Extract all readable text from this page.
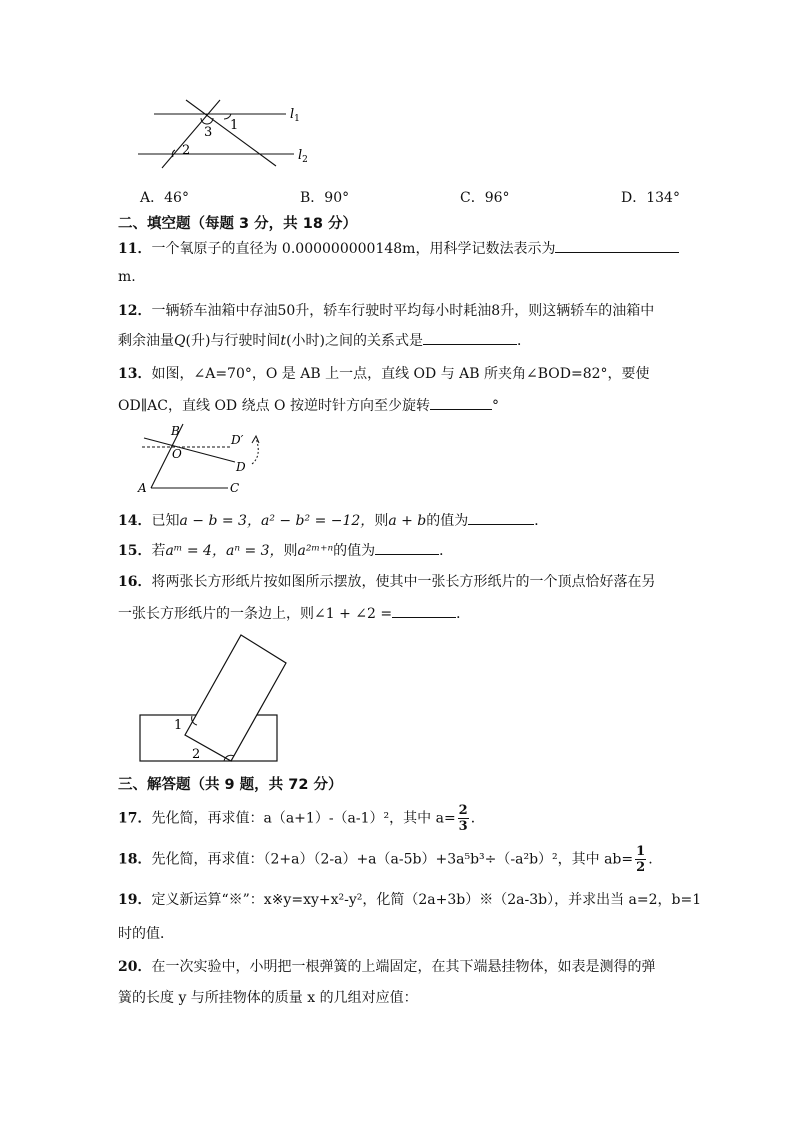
3 1
2
$l_1$
$l_2$
A．46°	B．90°	C．96°	D．134°
二、填空题（每题 3 分，共 18 分）
11．一个氧原子的直径为 0.000000000148m，用科学记数法表示为
m.
12．一辆轿车油箱中存油50升，轿车行驶时平均每小时耗油8升，则这辆轿车的油箱中
剩余油量Q(升)与行驶时间t(小时)之间的关系式是	．
13．如图，∠A=70°，O 是 AB 上一点，直线 OD 与 AB 所夹角∠BOD=82°，要使
OD∥AC，直线 OD 绕点 O 按逆时针方向至少旋转	°
B
O
D′
D
A	C
14．已知a − b = 3，a² − b² = −12，则a + b的值为	．
15．若aᵐ = 4，aⁿ = 3，则a²ᵐ⁺ⁿ的值为	．
16．将两张长方形纸片按如图所示摆放，使其中一张长方形纸片的一个顶点恰好落在另
一张长方形纸片的一条边上，则∠1 + ∠2 =	．
1
2
三、解答题（共 9 题，共 72 分）
17．先化简，再求值：a（a+1）-（a-1）²，其中 $a= \frac{2}{3}$ ．
18．先化简，再求值：（2+a）（2-a）+a（a-5b）+3a⁵b³÷（-a²b）²，其中 $ab= \frac{1}{2}$ .
19．定义新运算“※”：x※y=xy+x²-y²，化简（2a+3b）※（2a-3b），并求出当 a=2，b=1
时的值．
20．在一次实验中，小明把一根弹簧的上端固定，在其下端悬挂物体，如表是测得的弹
簧的长度 y 与所挂物体的质量 x 的几组对应值：
